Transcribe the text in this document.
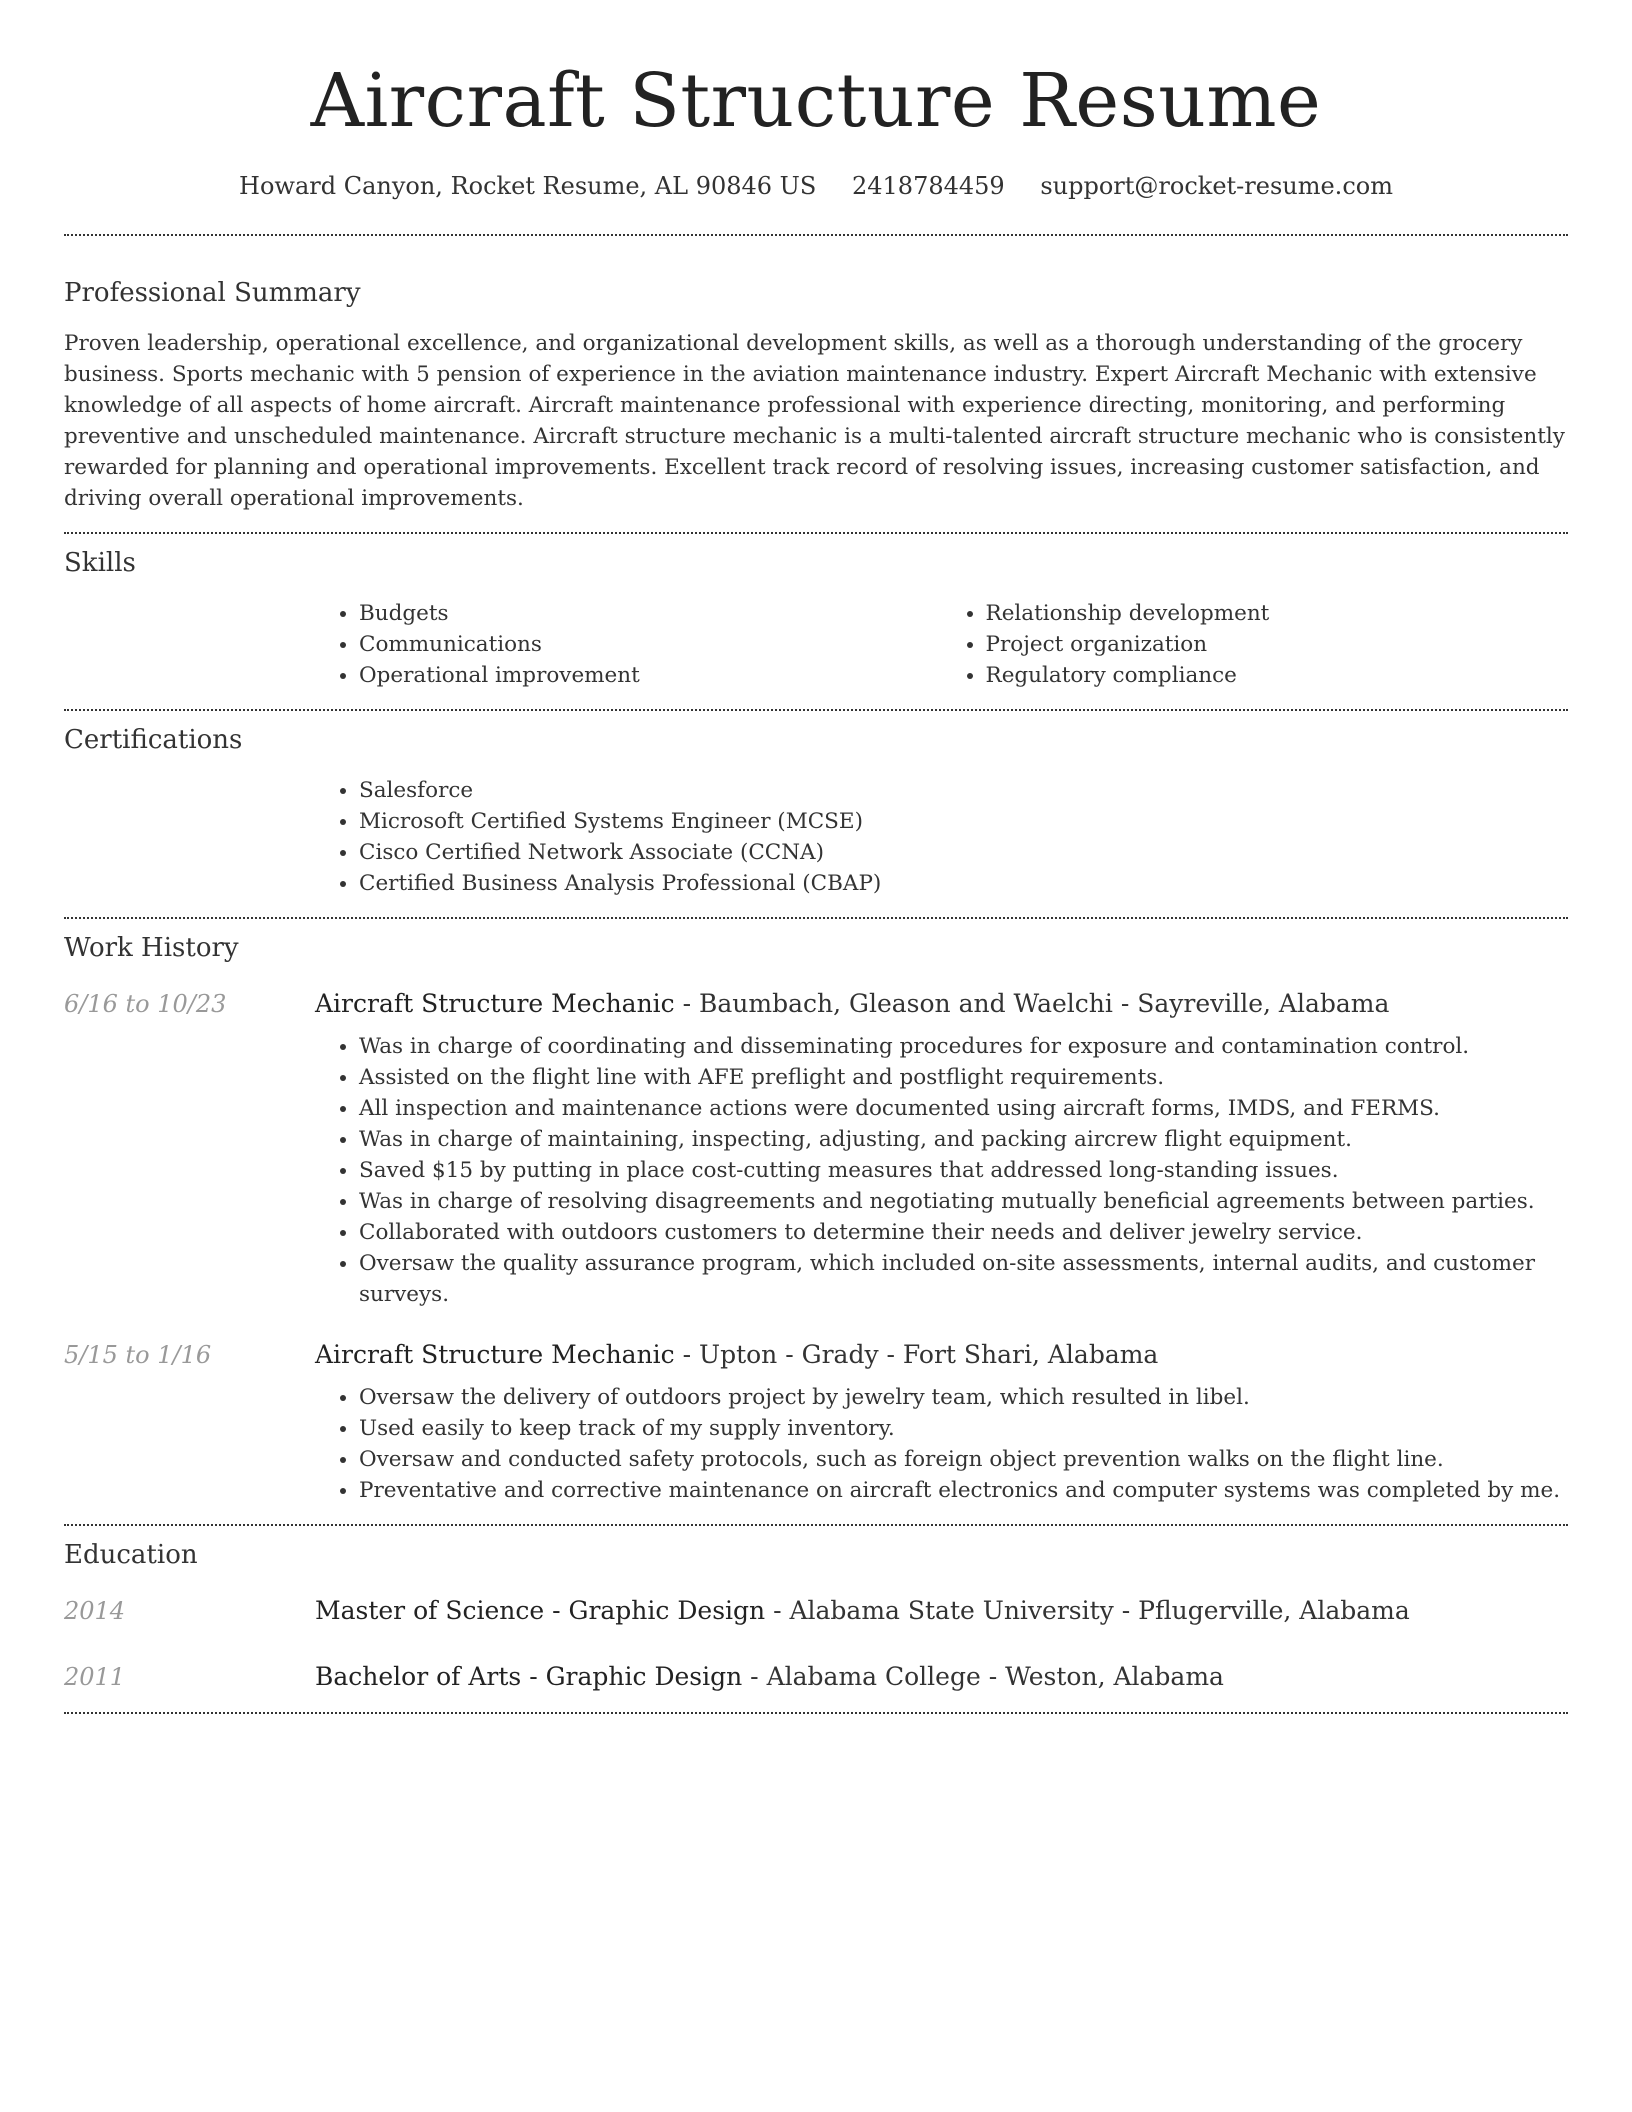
Aircraft Structure Resume
Howard Canyon, Rocket Resume, AL 90846 US 2418784459 support@rocket-resume.com
Professional Summary

Proven leadership, operational excellence, and organizational development skills, as well as a thorough understanding of the grocery business. Sports mechanic with 5 pension of experience in the aviation maintenance industry. Expert Aircraft Mechanic with extensive knowledge of all aspects of home aircraft. Aircraft maintenance professional with experience directing, monitoring, and performing preventive and unscheduled maintenance. Aircraft structure mechanic is a multi-talented aircraft structure mechanic who is consistently rewarded for planning and operational improvements. Excellent track record of resolving issues, increasing customer satisfaction, and driving overall operational improvements.

Skills
• Budgets
• Communications
• Operational improvement
• Relationship development
• Project organization
• Regulatory compliance
Certifications
• Salesforce
• Microsoft Certified Systems Engineer (MCSE)
• Cisco Certified Network Associate (CCNA)
• Certified Business Analysis Professional (CBAP)
Work History
6/16 to 10/23	Aircraft Structure Mechanic - Baumbach, Gleason and Waelchi - Sayreville, Alabama
• Was in charge of coordinating and disseminating procedures for exposure and contamination control.
• Assisted on the flight line with AFE preflight and postflight requirements.
• All inspection and maintenance actions were documented using aircraft forms, IMDS, and FERMS.
• Was in charge of maintaining, inspecting, adjusting, and packing aircrew flight equipment.
• Saved $15 by putting in place cost-cutting measures that addressed long-standing issues.
• Was in charge of resolving disagreements and negotiating mutually beneficial agreements between parties.
• Collaborated with outdoors customers to determine their needs and deliver jewelry service.
• Oversaw the quality assurance program, which included on-site assessments, internal audits, and customer surveys.
5/15 to 1/16	Aircraft Structure Mechanic - Upton - Grady - Fort Shari, Alabama
• Oversaw the delivery of outdoors project by jewelry team, which resulted in libel.
• Used easily to keep track of my supply inventory.
• Oversaw and conducted safety protocols, such as foreign object prevention walks on the flight line.
• Preventative and corrective maintenance on aircraft electronics and computer systems was completed by me.
Education
2014	Master of Science - Graphic Design - Alabama State University - Pflugerville, Alabama
2011	Bachelor of Arts - Graphic Design - Alabama College - Weston, Alabama
